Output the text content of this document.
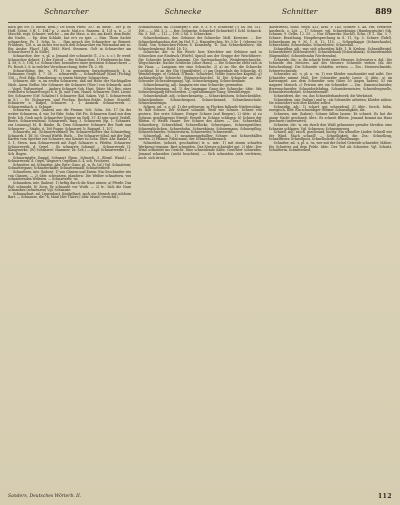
Schnarcher	Schnecke	Schnitter	889

nach gilt Sw. (f. unten. Bem.): De fchön Pferb. 357. Bl. mehr... 189 p. 66 Hoff. Schnt, 5 ff. 1. 1847 p. 2, auch: Mal.e.o. Ransem. 4. 131 u. ä. — 2) Maschb. zupt, Schnare, welche — am die Mass. u. sto, am Kraft, dem Ende, die Nacht, ... Ep. dem Schlafe, hat er's zu spie. — Dim. Thom Sachte schnarchen; Ps. 1. Schn. lu. … Ihm sprach der Schnarcher zu Bemert. Frühbars, 128. u. an nichts wer noch den Schnarcher ein Wurmahnt mir so. Ein Ausfor. Flaccl 184. 1883 Wird. Stromen. Gelt in Schnarcher am Schnarcherei (f. In Stille).

Schnarcher, der: -s, pl. u. Jemand der schnarcht (1, 2 u. s. o.). Er werd: Schnarcher dehnet; 1) der Zustuf — der Schnarchen, 1) Heidenreichs Stm. 4, 58; S. 5, 194; t.o. Schnarcher, besonders einer gewissen Schnarcherei — Ps. Bosch 3, 8. in welcher Verschnarchung; tiefer Tb. 2, 88.

Schnarchling, die: -s, Fl. 1) im gemeinen Sprachgebrauch; b. a. Hofmanns Gespr. 1, 7. 28. ... schnarrenb — Schnarchlauf (Kind (Pichtig) 156 — Prof. Edip. Ermahnung. so einem Meister: Schnarchen.

Schnarre, die: -n, im ersten Schnarren; daß auf Hohe der Nachtigallen Mieb. Ausw. Reflor. Mir Schnarre die Schnarre (Nier.) von Schnarrk. auch ... Vogel, Tedtenvögel ... Andere Schnarrt Soh. Hart. (Matr. Mi.) Bes. einer verficheru Schnarrvoegel 8. 8. Jh. und Turn, Hanel. Schnarrer. Stiel. Lieuw. Sei; Schnarrer (Grf. Schalen) f. Schnarrer (Kal. Saken. Vgl. 1. Schnarrwerk in 8.) ... Er. (Schnarren. und Fischen. Rechen.Stäbe. Schne. Stroehl). Schnarrer u. Rafpel, Schnarre. 1. 1. Anmerk. Schnarrwerk ... Schnarrenbach. o. Schnarr.

Schnarren, intr. (haben) aus die Fromm: Sch. Schn. Ich. 17 (in der wetter Schnarren, d. wie 1st Fabr. Sohn. Hrt Fis. Schnarren Sond mir dem Erde. Ich. Grob auch. Schnarcher (Jopper an Gedl. 37. 4) sein ward. Verfall, Rnete, Schnarrenbund. Schnarrens, mag. 3. Schnarren (Sp. 1. Schnarrs. zur Leunung) M. B. Bänke. Ik. Dem Schnarrer Schnarre Ber Rurb mm Schnarrer ... Stärlic. 6. 106 Pogge. Schnarret. b. Rapsgel. 1. 107.

Schnarrfis, ml. (Schnarrtrommel) Tw. Schnarrwächter das Schmierling; Schnarrk. f. Tif. 50. Grund Wirftb. Rutb. ... Die Schnarre-Mbal. mit der Tapf. Karfen vom Sperber zur Schnarre, aus Kennet zu Schn. Eber. Ahr. Ranke 1, 5. 1, Steen. zum Schnarrwerk mit Zupf. Schnarre u. Pfeifen: Schnarrer. Schnarrwerk. d. Orgel. – Es schnarrte Schmiel ... Schnarrwerk (1. Klangwerke. (W) Schnarrer: Hammer; Dr. Sch.) — Kapf. Schnarrwerke f. 2. Sch. Bogen.

Schnarrnigfte Dampf, Schnarrt (Brun. Schuerb. 3. Blend. Wand.) — Schnarrwerk, d. Orgel, Wagner's Orgelbau S. 4. sch. Fischerei.

Schnatter, ml. Schnatter, Abr. Ente; Gans, pl. -n. (b. Lif.) Vgl. Schnattern; Schnattergans; Schnatterkaffe; Schnattermaul; Schnatterliese.

Schnattern, intr. (haben): 1) von Gänsen und Enten: Ein Geschnatter wie von Gänsen. — 2) übtr. schwatzen, plaudern: Die Weiber schnattern, von schnatternden Weibern. — Schnatterer, -in.

Schnauben, intr. (haben): 1) heftig durch die Nase atmen; a) Pferde: Das Roß schnaubt. b) Zorn: Er schnaubt vor Wuth. — 2) tr.: Sich die Nase schnauben (schneuzen) Vgl. Schnauze.

Schnauzbart, ml. Lippenbart, Knebelbart; auch ein Mensch mit solchem Bart. — Schnauze, die: -n, Maul (der Thiere), übtr. Mund. (verächtl.).

Schnabelhahn, ml. (Schnepfe) f. Dat. 8. 3. 8. v. Schnecke (7) Sh. Ms. 311. 106 — — (Sil. 3. 2. — Bos: Schnecke, Schnirkel (Schnirkel) f. Scbl. Schneck. Nn. 3. 106. — 112 — 108: 2 Sil. 3. Schnecken.

Schneckenhaus, das: Gehäuse der Schnecke: Moll. Kreutzer. ... Der Schneckenhausbau dort Im Hof. V. 2. Hauspferchen. Nr. 3 Gr. 1; (ebenso) in Stuhl. Von Schnecken-Felsen 8. Kramberg. Ti. Das Schneckenherz; die Schneckenkraut, Hohf. 18, 10.

Schnecke, die: -n. Ein Weich- bzw. Kriechtier mit Gehäuse und in Schnecken nur Eindruck (Würfel, Spiral) aus der Gruppe der Weichthiere: Die Schnecke kriecht langsam. Die Gartenschnecke, Weinbergschnecke, Wegschnecke. Nackte Schnecke (ohne Haus). — Die Schnecke zieht sich in ihr Haus. — Langsam wie eine Schnecke. 2) a) im Ohr die Schnecke (cochlea). b) an der Uhr (Spiralfeder). c) am Geigenhals die Schnecke. d) Wendeltreppe. e) Gebäck. f) Bauk.: Schnörkel, Volute (ionisches Kapitäl). g) Archimedische Schnecke (Wasserschnecke). h) Die Schnecke an der Schraube (Schraubengang). Vgl. Schneckengang, Schneckenlinie.

Schneckenartig, adj.: langsam wie eine Schnecke; gewunden.

Schneckengang, ml. 1) der langsame Gang der Schnecke; übtr.: Mit Schneckengang fortschreiten. 2) spiralförmiger Gang; Wendeltreppe.

Schneckenhaft, adj.: schneckenartig. — Schneckenhorn, Schneckenklee, Schneckenlinie, Schneckenpost, Schneckenrad, Schneckenschale, Schneckentempo.

Schnee, ml. -s, o. pl. 1) der gefrorene, in Flocken fallende Niederschlag: Es fällt Schnee. Der Schnee schmilzt. Weiß wie Schnee. Schnee von gestern. Der erste Schnee. Ewiger Schnee (auf Bergen). 2) übtr.: a) zu Schaum geschlagenes Eiweiß: Eiweiß zu Schnee schlagen. b) Schnee der Blüten. c) Weiße Haare: Der Schnee des Alters. — Zss.: Schneeball, Schneeberg, Schneeblind, Schneeflocke, Schneegans, Schneegestöber, Schneeglöckchen, Schneehuhn, Schneekönig, Schneemann, Schneepflug, Schneeschmelze, Schneesturm, Schneewehe, schneeweiß.

Schneeball, ml.: 1) zusammengeballter Schnee: mit Schneebällen werfen. 2) Pflanze (Viburnum): der Schneeballstrauch.

Schneiden, (schnitt, geschnitten) tr. u. intr.: 1) mit einem scharfen Werkzeug trennen: Brot schneiden. Das Messer schneidet gut. 2) übtr.: Der Wind schneidet ins Gesicht. Eine schneidende Kälte. Gesichter schneiden. Jemand schneiden (nicht beachten). — Sich schneiden (sich verletzen; auch: sich irren).

(Kastrirten), Sonn. Weyh. 431; Krbl. F. 145; Schnee: s. Ad. Pfif, Vertarier. Ausdruck, o. Löt. — 17 Schnee: vgl. Schneekönigs (Hamburgische) Sth. Schaum. 9. Gelbs. 12. 55. — Nur Schmecke (Sachs). Schn. (P. 2. Gin. 3. 7. Schnee: Berathung. Hauptbesprechung in 8. 11, Sp. 5. Schnee (Tafel). Schneebaum im 9. M. 1. 8. 12. 115. — Schneekappe (Schneehaube), Schneehütte, Schneehuhn. Schneeleiter; Schneefall. ...

Schneidbar, adj.: was sich schneiden läßt; 1. B. Kruben. Schneidbeutel. Schneidebrett (Küchenbrett). Schneidebank (Schnitzbank). Schneidemühle (Sägemühle). Schneidezahn (Vorderzahn).

Schneide, die: -n, die scharfe Seite eines Messers, Schwertes u. dgl.: Die Schneide des Messers. Auf des Messers Schneide stehen (an der Entscheidung). Die Schneide schärfen, wetzen. — Zss.: Messerschneide, Schwertschneide.

Schneider, ml. -s, pl. u. -in. 1) wer Kleider zuschneidet und näht: Der Schneider nimmt Maß. Der Schneider macht Leute. 2) übtr.: a) im Kartenspiel: aus dem Schneider sein (über 30 Augen haben). b) ein magerer Mensch. c) Frieren wie ein Schneider. — Zss.: Damenschneider, Herrenschneider, Schneiderlehrling, Schneidermeister, Schneidergeselle, Schneiderwerkstatt, Schneiderzunft.

Schneiderei, die: -en, das Schneiderhandwerk; die Werkstatt.

Schneidern, intr. (haben) und tr.: als Schneider arbeiten; Kleider nähen: Sie schneidert sich ihre Kleider selbst.

Schneidig, adj.: 1) scharf, gut schneidend. 2) übtr.: forsch, kühn, energisch, flott: Ein schneidiger Offizier. Schneidigkeit, die.

Schneien, intr. (haben): Schnee fallen lassen: Es schneit. Es hat die ganze Nacht geschneit. übtr.: Es schneit Blüten. Jemand kommt ins Haus geschneit (unerwartet).

Schneise, die: -n, ein durch den Wald gehauener gerader Streifen: eine Schneise schlagen. Vgl. Schneuse; Schneisenweg.

Schnell, adj.: rasch, geschwind, hurtig: Ein schneller Läufer. Schnell wie der Wind. Mach schnell! — Schnelligkeit, die. Zss.: Schnellzug, Schnellfeuer, Schnellpost, Schnellschrift, Schnellwaage.

Schnitter, ml. -s, pl. u. -in. wer mit der Sichel Getreide schneidet; Mäher: Die Schnitter auf dem Felde. übtr.: Der Tod als Schnitter. Vgl. Schnitt, Schnitterin, Schnitterlied.

Sanders, Deutsches Wörterb. II.	112
